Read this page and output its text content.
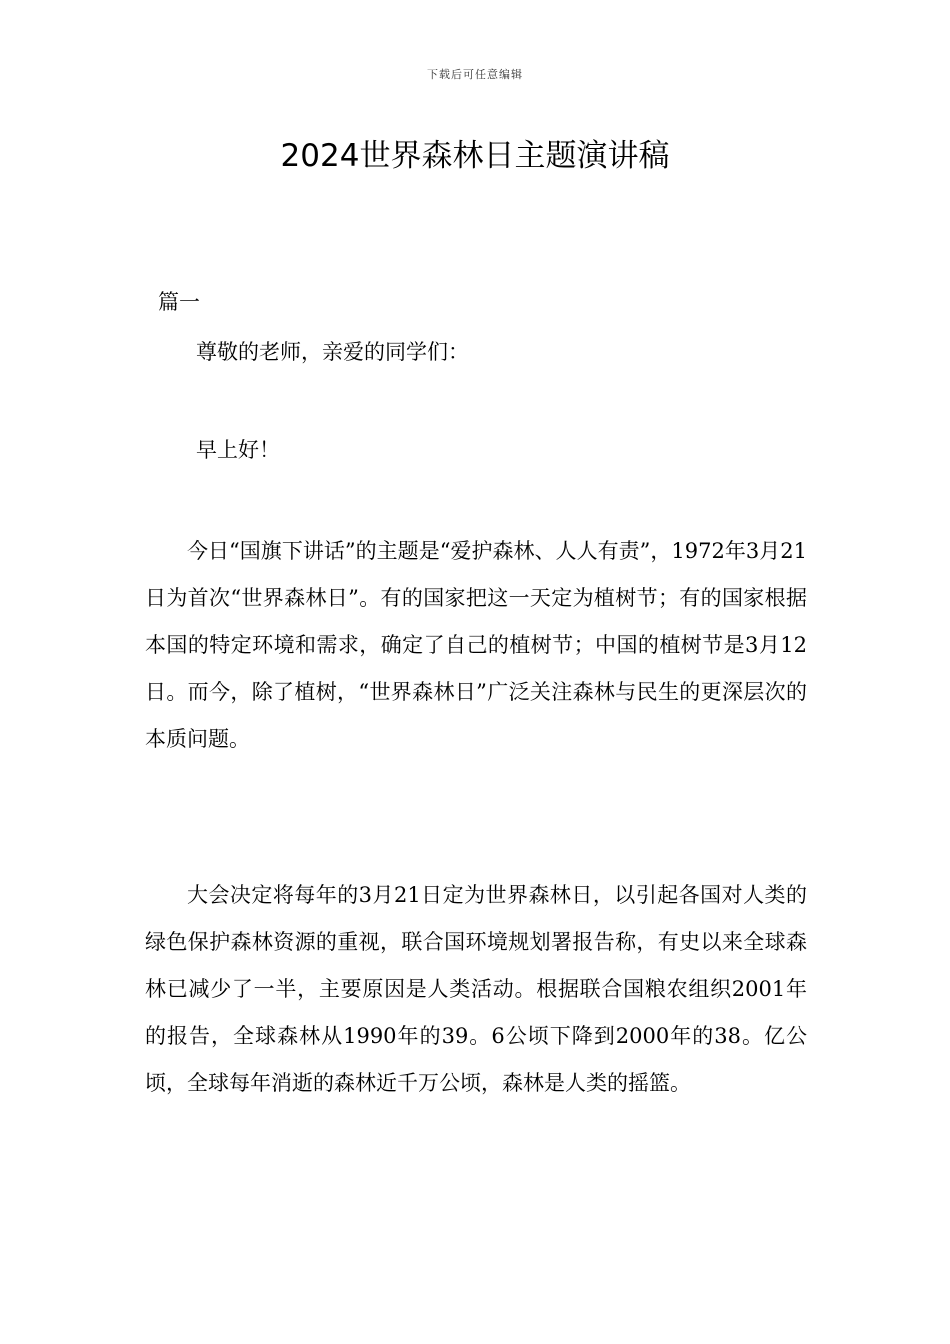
下载后可任意编辑
2024世界森林日主题演讲稿
篇一
尊敬的老师，亲爱的同学们：
早上好！

今日“国旗下讲话”的主题是“爱护森林、人人有责”，1972年3月21日为首次“世界森林日”。有的国家把这一天定为植树节；有的国家根据本国的特定环境和需求，确定了自己的植树节；中国的植树节是3月12日。而今，除了植树，“世界森林日”广泛关注森林与民生的更深层次的本质问题。

大会决定将每年的3月21日定为世界森林日，以引起各国对人类的绿色保护森林资源的重视，联合国环境规划署报告称，有史以来全球森林已减少了一半，主要原因是人类活动。根据联合国粮农组织2001年的报告，全球森林从1990年的39。6公顷下降到2000年的38。亿公顷，全球每年消逝的森林近千万公顷，森林是人类的摇篮。
